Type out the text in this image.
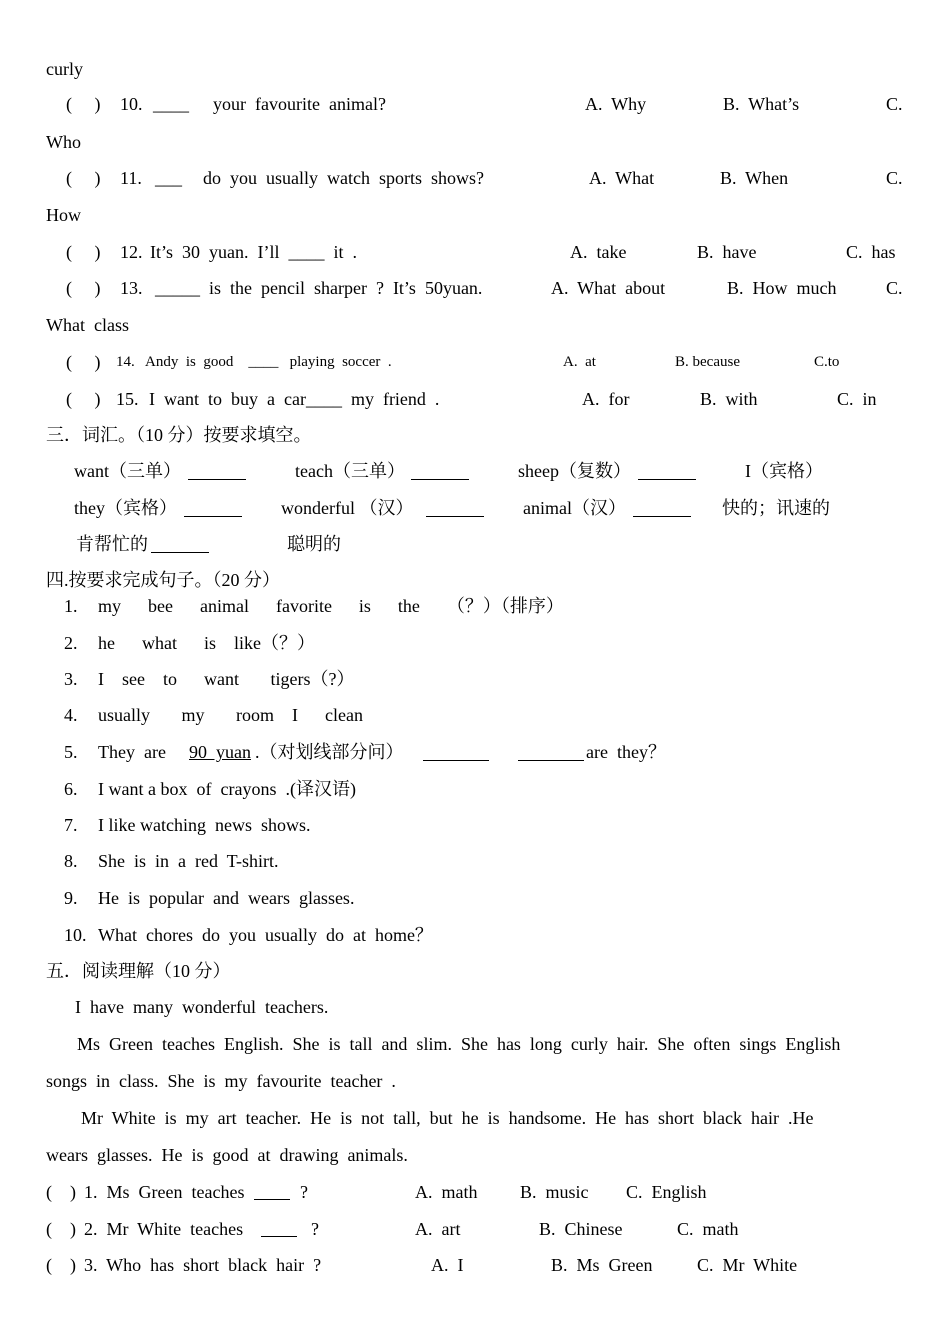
curly
(     ) 10. ____ your  favourite  animal?	A.  Why	B.  What’s	C.
Who
(     ) 11. ___ do  you  usually  watch  sports  shows?	A.  What	B.  When	C.
How
(     ) 12. It’s  30  yuan.  I’ll  ____  it  .	A.  take	B.  have	C.  has
(     ) 13. _____  is  the  pencil  sharper  ?  It’s  50yuan.	A.  What  about	B.  How  much	C.
What  class
(     ) 14. Andy  is  good    ____   playing  soccer  .	A.  at	B. because	C.to
(     ) 15. I  want  to  buy  a  car____  my  friend  .	A.  for	B.  with	C.  in
三．词汇。（10 分）按要求填空。
want（三单）	teach（三单）	sheep（复数）	I（宾格）
they（宾格）	wonderful （汉）	animal（汉）	快的；讯速的
肯帮忙的	聪明的
四.按要求完成句子。（20 分）
1. my      bee      animal      favorite      is      the      （？）（排序）
2. he      what      is    like（？）
3. I    see    to      want       tigers（?）
4. usually       my       room    I      clean
5. They  are 90  yuan .（对划线部分问）	are  they？
6. I want a box  of  crayons  .(译汉语)
7. I like watching  news  shows.
8. She  is  in  a  red  T-shirt.
9. He  is  popular  and  wears  glasses.
10. What  chores  do  you  usually  do  at  home？
五．阅读理解（10 分）
I  have  many  wonderful  teachers.
Ms  Green  teaches  English.  She  is  tall  and  slim.  She  has  long  curly  hair.  She  often  sings  English
songs  in  class.  She  is  my  favourite  teacher  .
Mr  White  is  my  art  teacher.  He  is  not  tall,  but  he  is  handsome.  He  has  short  black  hair  .He
wears  glasses.  He  is  good  at  drawing  animals.
(    ) 1.  Ms  Green  teaches	?	A.  math B.  music C.  English
(    ) 2.  Mr  White  teaches	?	A.  art	B.  Chinese	C.  math
(    ) 3.  Who  has  short  black  hair  ?	A.  I	B.  Ms  Green C.  Mr  White
